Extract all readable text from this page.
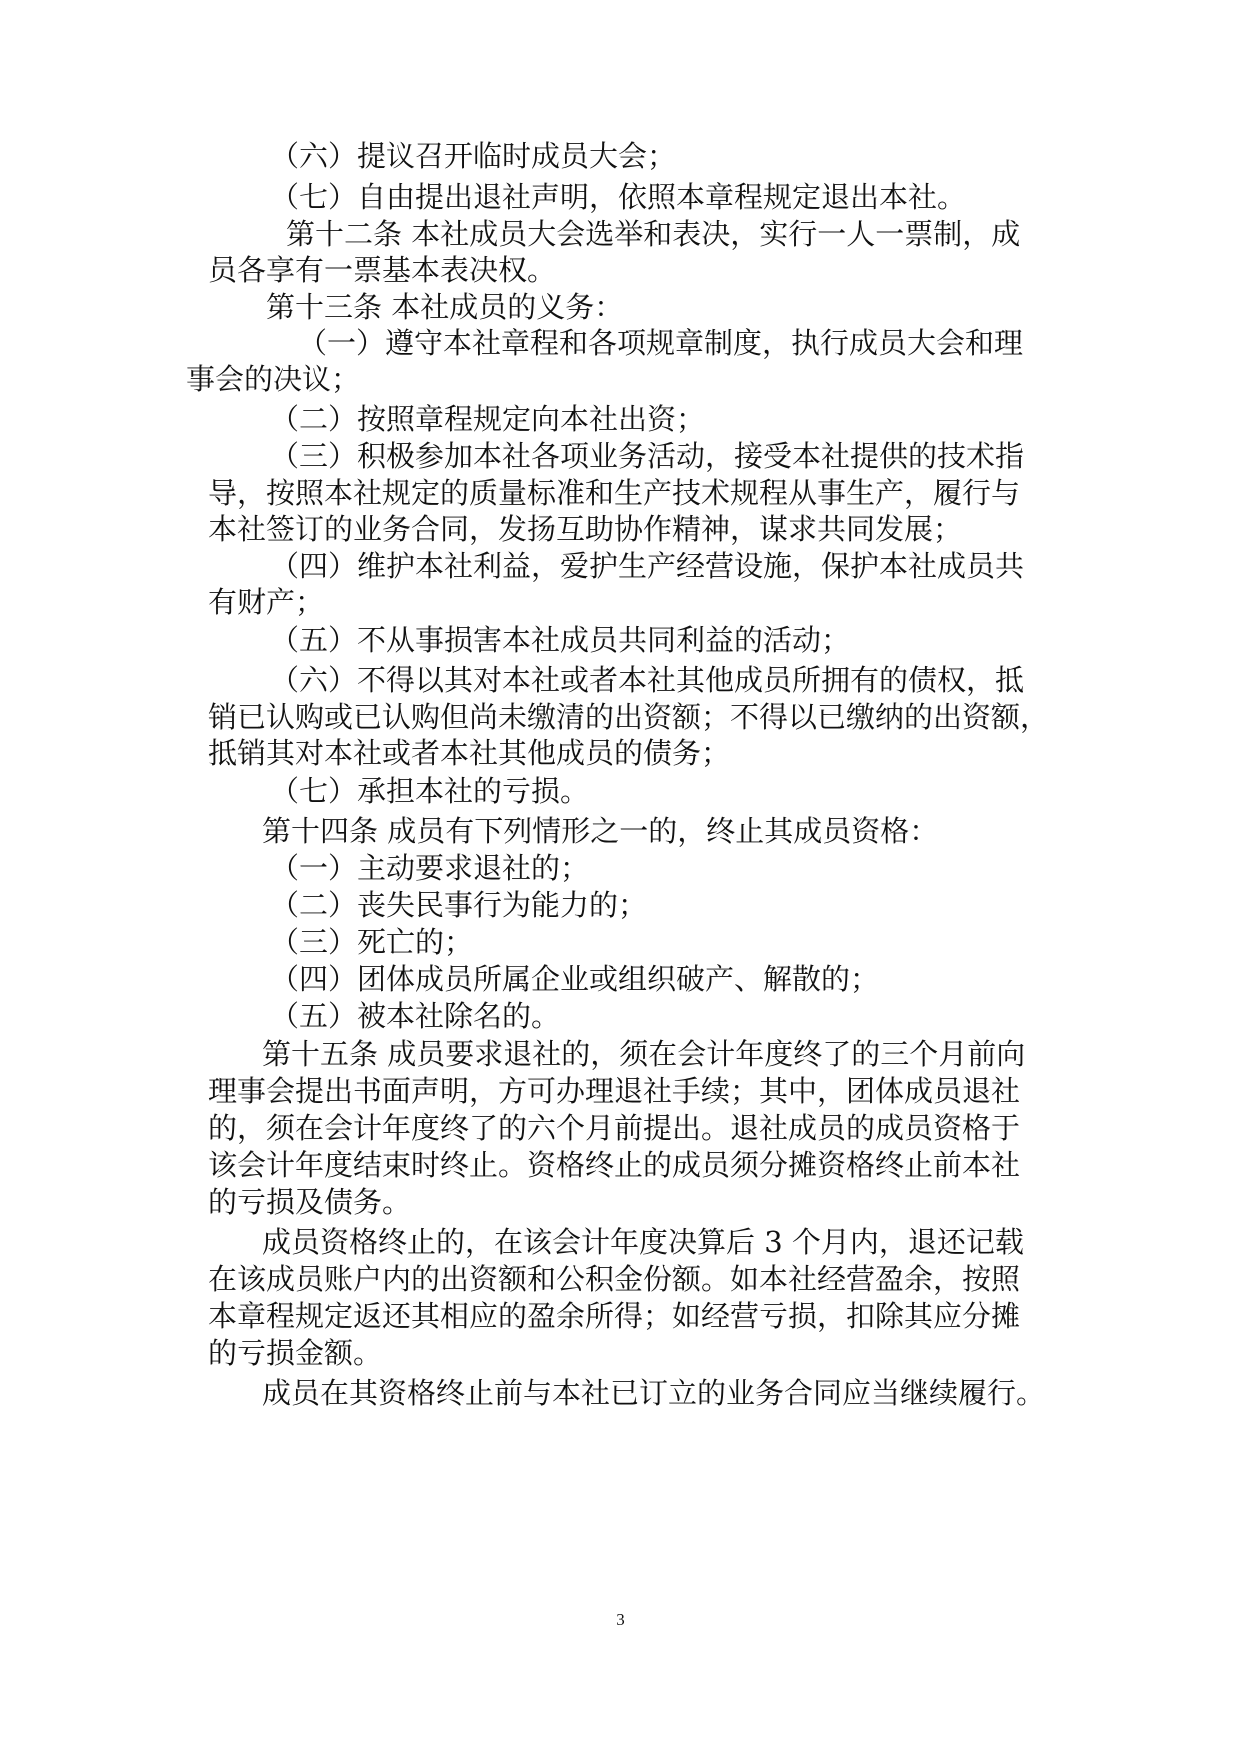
（六）提议召开临时成员大会；
（七）自由提出退社声明，依照本章程规定退出本社。
第十二条 本社成员大会选举和表决，实行一人一票制，成
员各享有一票基本表决权。
第十三条 本社成员的义务：
（一）遵守本社章程和各项规章制度，执行成员大会和理
事会的决议；
（二）按照章程规定向本社出资；
（三）积极参加本社各项业务活动，接受本社提供的技术指
导，按照本社规定的质量标准和生产技术规程从事生产，履行与
本社签订的业务合同，发扬互助协作精神，谋求共同发展；
（四）维护本社利益，爱护生产经营设施，保护本社成员共
有财产；
（五）不从事损害本社成员共同利益的活动；
（六）不得以其对本社或者本社其他成员所拥有的债权，抵
销已认购或已认购但尚未缴清的出资额；不得以已缴纳的出资额，
抵销其对本社或者本社其他成员的债务；
（七）承担本社的亏损。
第十四条 成员有下列情形之一的，终止其成员资格：
（一）主动要求退社的；
（二）丧失民事行为能力的；
（三）死亡的；
（四）团体成员所属企业或组织破产、解散的；
（五）被本社除名的。
第十五条 成员要求退社的，须在会计年度终了的三个月前向
理事会提出书面声明，方可办理退社手续；其中，团体成员退社
的，须在会计年度终了的六个月前提出。退社成员的成员资格于
该会计年度结束时终止。资格终止的成员须分摊资格终止前本社
的亏损及债务。
成员资格终止的，在该会计年度决算后 3 个月内，退还记载
在该成员账户内的出资额和公积金份额。如本社经营盈余，按照
本章程规定返还其相应的盈余所得；如经营亏损，扣除其应分摊
的亏损金额。
成员在其资格终止前与本社已订立的业务合同应当继续履行。
3
